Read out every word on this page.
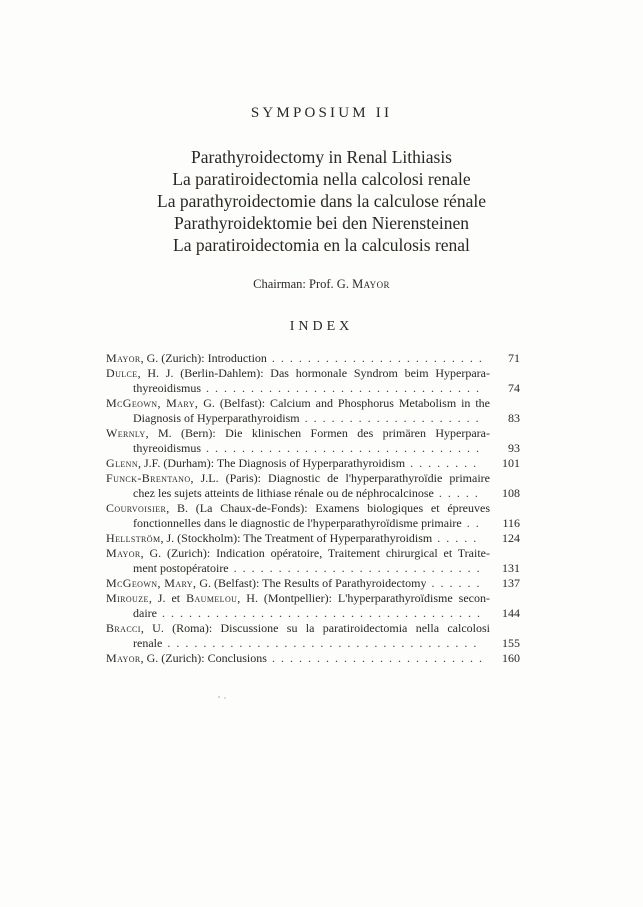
SYMPOSIUM II
Parathyroidectomy in Renal Lithiasis
La paratiroidectomia nella calcolosi renale
La parathyroidectomie dans la calculose rénale
Parathyroidektomie bei den Nierensteinen
La paratiroidectomia en la calculosis renal
Chairman: Prof. G. Mayor
INDEX
Mayor, G. (Zurich): Introduction . . .	71
Dulce, H. J. (Berlin-Dahlem): Das hormonale Syndrom beim Hyperpara-
thyreoidismus . . .	74
McGeown, Mary, G. (Belfast): Calcium and Phosphorus Metabolism in the
Diagnosis of Hyperparathyroidism . . .	83
Wernly, M. (Bern): Die klinischen Formen des primären Hyperpara-
thyreoidismus . . .	93
Glenn, J.F. (Durham): The Diagnosis of Hyperparathyroidism . . .	101
Funck-Brentano, J.L. (Paris): Diagnostic de l'hyperparathyroïdie primaire
chez les sujets atteints de lithiase rénale ou de néphrocalcinose . . .	108
Courvoisier, B. (La Chaux-de-Fonds): Examens biologiques et épreuves
fonctionnelles dans le diagnostic de l'hyperparathyroïdisme primaire . . .	116
Hellström, J. (Stockholm): The Treatment of Hyperparathyroidism . . .	124
Mayor, G. (Zurich): Indication opératoire, Traitement chirurgical et Traite-
ment postopératoire . . .	131
McGeown, Mary, G. (Belfast): The Results of Parathyroidectomy . . .	137
Mirouze, J. et Baumelou, H. (Montpellier): L'hyperparathyroïdisme secon-
daire . . .	144
Bracci, U. (Roma): Discussione su la paratiroidectomia nella calcolosi
renale . . .	155
Mayor, G. (Zurich): Conclusions . . .	160
